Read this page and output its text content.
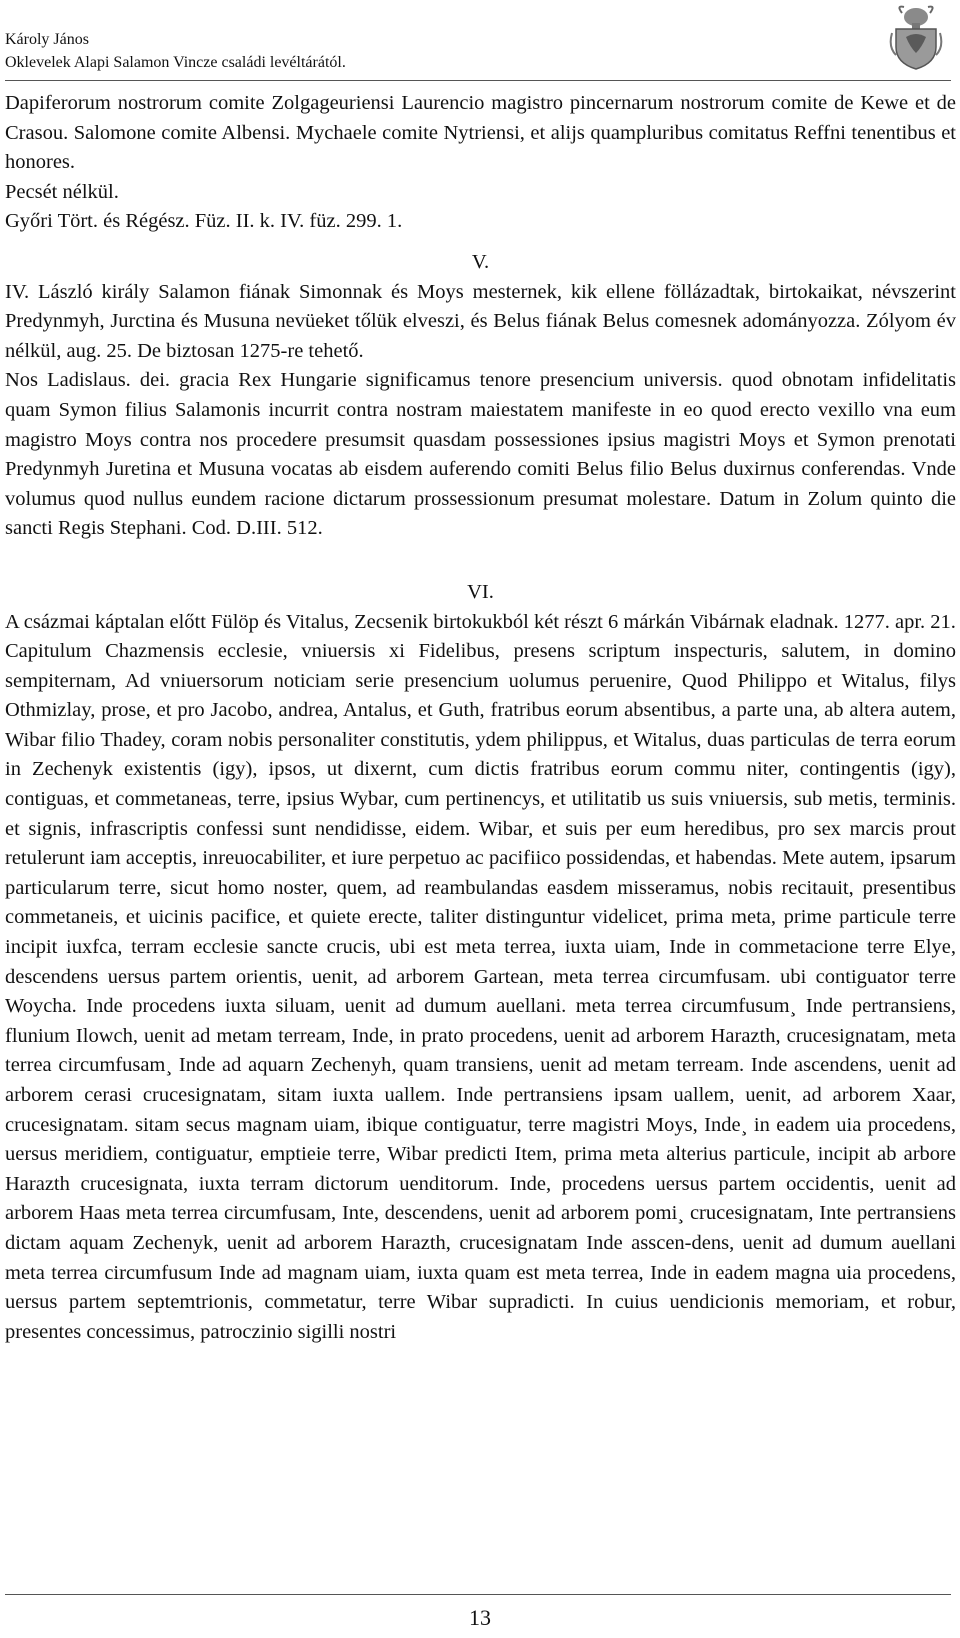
Károly János
Oklevelek Alapi Salamon Vincze családi levéltárától.

Dapiferorum nostrorum comite Zolgageuriensi Laurencio magistro pincernarum nostrorum comite de Kewe et de Crasou. Salomone comite Albensi. Mychaele comite Nytriensi, et alijs quampluribus comitatus Reffni tenentibus et honores.

Pecsét nélkül.

Győri Tört. és Régész. Füz. II. k. IV. füz. 299. 1.

V.

IV. László király Salamon fiának Simonnak és Moys mesternek, kik ellene föllázadtak, birtokaikat, névszerint Predynmyh, Jurctina és Musuna nevüeket tőlük elveszi, és Belus fiának Belus comesnek adományozza. Zólyom év nélkül, aug. 25. De biztosan 1275-re tehető.

Nos Ladislaus. dei. gracia Rex Hungarie significamus tenore presencium universis. quod obnotam infidelitatis quam Symon filius Salamonis incurrit contra nostram maiestatem manifeste in eo quod erecto vexillo vna eum magistro Moys contra nos procedere presumsit quasdam possessiones ipsius magistri Moys et Symon prenotati Predynmyh Juretina et Musuna vocatas ab eisdem auferendo comiti Belus filio Belus duxirnus conferendas. Vnde volumus quod nullus eundem racione dictarum prossessionum presumat molestare. Datum in Zolum quinto die sancti Regis Stephani. Cod. D.III. 512.

VI.

A csázmai káptalan előtt Fülöp és Vitalus, Zecsenik birtokukból két részt 6 márkán Vibárnak eladnak. 1277. apr. 21.

Capitulum Chazmensis ecclesie, vniuersis xi Fidelibus, presens scriptum inspecturis, salutem, in domino sempiternam, Ad vniuersorum noticiam serie presencium uolumus peruenire, Quod Philippo et Witalus, filys Othmizlay, prose, et pro Jacobo, andrea, Antalus, et Guth, fratribus eorum absentibus, a parte una, ab altera autem, Wibar filio Thadey, coram nobis personaliter constitutis, ydem philippus, et Witalus, duas particulas de terra eorum in Zechenyk existentis (igy), ipsos, ut dixernt, cum dictis fratribus eorum commu niter, contingentis (igy), contiguas, et commetaneas, terre, ipsius Wybar, cum pertinencys, et utilitatib us suis vniuersis, sub metis, terminis. et signis, infrascriptis confessi sunt nendidisse, eidem. Wibar, et suis per eum heredibus, pro sex marcis prout retulerunt iam acceptis, inreuocabiliter, et iure perpetuo ac pacifiico possidendas, et habendas. Mete autem, ipsarum particularum terre, sicut homo noster, quem, ad reambulandas easdem misseramus, nobis recitauit, presentibus commetaneis, et uicinis pacifice, et quiete erecte, taliter distinguntur videlicet, prima meta, prime particule terre incipit iuxfca, terram ecclesie sancte crucis, ubi est meta terrea, iuxta uiam, Inde in commetacione terre Elye, descendens uersus partem orientis, uenit, ad arborem Gartean, meta terrea circumfusam. ubi contiguator terre Woycha. Inde procedens iuxta siluam, uenit ad dumum auellani. meta terrea circumfusum¸ Inde pertransiens, flunium Ilowch, uenit ad metam terream, Inde, in prato procedens, uenit ad arborem Harazth, crucesignatam, meta terrea circumfusam¸ Inde ad aquarn Zechenyh, quam transiens, uenit ad metam terream. Inde ascendens, uenit ad arborem cerasi crucesignatam, sitam iuxta uallem. Inde pertransiens ipsam uallem, uenit, ad arborem Xaar, crucesignatam. sitam secus magnam uiam, ibique contiguatur, terre magistri Moys, Inde¸ in eadem uia procedens, uersus meridiem, contiguatur, emptieie terre, Wibar predicti Item, prima meta alterius particule, incipit ab arbore Harazth crucesignata, iuxta terram dictorum uenditorum. Inde, procedens uersus partem occidentis, uenit ad arborem Haas meta terrea circumfusam, Inte, descendens, uenit ad arborem pomi¸ crucesignatam, Inte pertransiens dictam aquam Zechenyk, uenit ad arborem Harazth, crucesignatam Inde asscen-dens, uenit ad dumum auellani meta terrea circumfusum Inde ad magnam uiam, iuxta quam est meta terrea, Inde in eadem magna uia procedens, uersus partem septemtrionis, commetatur, terre Wibar supradicti. In cuius uendicionis memoriam, et robur, presentes concessimus, patroczinio sigilli nostri

13
